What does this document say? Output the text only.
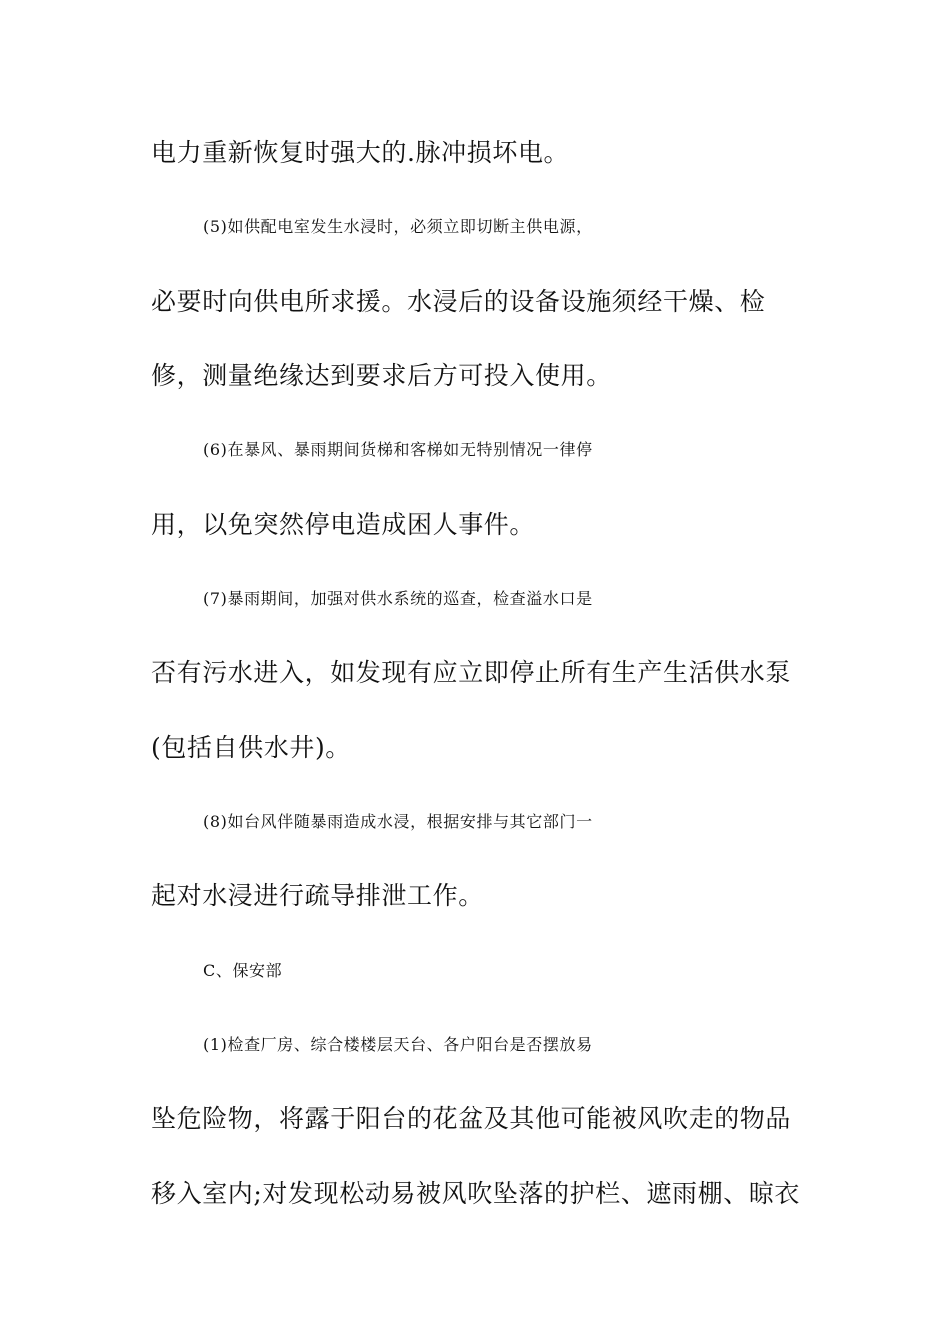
电力重新恢复时强大的.脉冲损坏电。
(5)如供配电室发生水浸时，必须立即切断主供电源，
必要时向供电所求援。水浸后的设备设施须经干燥、检
修，测量绝缘达到要求后方可投入使用。
(6)在暴风、暴雨期间货梯和客梯如无特别情况一律停
用，以免突然停电造成困人事件。
(7)暴雨期间，加强对供水系统的巡查，检查溢水口是
否有污水进入，如发现有应立即停止所有生产生活供水泵
(包括自供水井)。
(8)如台风伴随暴雨造成水浸，根据安排与其它部门一
起对水浸进行疏导排泄工作。
C、保安部
(1)检查厂房、综合楼楼层天台、各户阳台是否摆放易
坠危险物，将露于阳台的花盆及其他可能被风吹走的物品
移入室内;对发现松动易被风吹坠落的护栏、遮雨棚、晾衣
